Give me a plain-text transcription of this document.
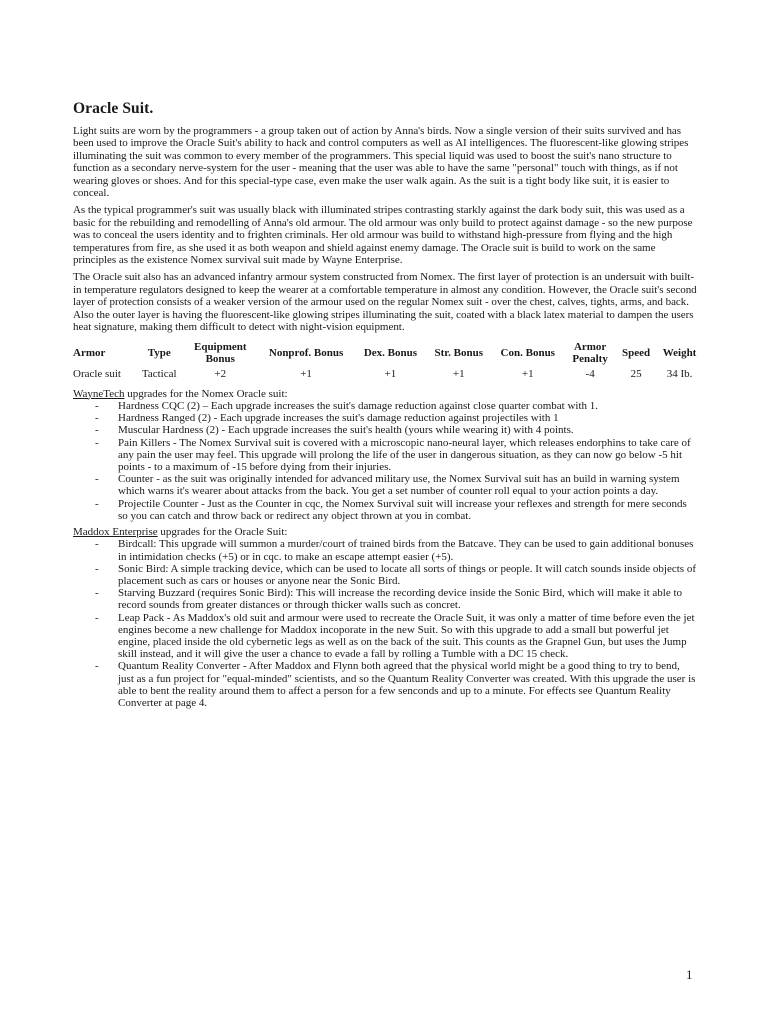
Oracle Suit.

Light suits are worn by the programmers - a group taken out of action by Anna's birds. Now a single version of their suits survived and has been used to improve the Oracle Suit's ability to hack and control computers as well as AI intelligences. The fluorescent-like glowing stripes illuminating the suit was common to every member of the programmers. This special liquid was used to boost the suit's nano structure to function as a secondary nerve-system for the user - meaning that the user was able to have the same "personal" touch with things, as if not wearing gloves or shoes. And for this special-type case, even make the user walk again. As the suit is a tight body like suit, it is easier to conceal.

As the typical programmer's suit was usually black with illuminated stripes contrasting starkly against the dark body suit, this was used as a basic for the rebuilding and remodelling of Anna's old armour. The old armour was only build to protect against damage - so the new purpose was to conceal the users identity and to frighten criminals. Her old armour was build to withstand high-pressure from flying and the high temperatures from fire, as she used it as both weapon and shield against enemy damage. The Oracle suit is build to work on the same principles as the existence Nomex survival suit made by Wayne Enterprise.

The Oracle suit also has an advanced infantry armour system constructed from Nomex. The first layer of protection is an undersuit with built-in temperature regulators designed to keep the wearer at a comfortable temperature in almost any condition. However, the Oracle suit's second layer of protection consists of a weaker version of the armour used on the regular Nomex suit - over the chest, calves, tights, arms, and back. Also the outer layer is having the fluorescent-like glowing stripes illuminating the suit, coated with a black latex material to dampen the users heat signature, making them difficult to detect with night-vision equipment.

Armor	Type	Equipment Bonus	Nonprof. Bonus	Dex. Bonus	Str. Bonus	Con. Bonus	Armor Penalty	Speed	Weight
Oracle suit	Tactical	+2	+1	+1	+1	+1	-4	25	34 Ib.
WayneTech upgrades for the Nomex Oracle suit:
- Hardness CQC (2) – Each upgrade increases the suit's damage reduction against close quarter combat with 1.
- Hardness Ranged (2) - Each upgrade increases the suit's damage reduction against projectiles with 1
- Muscular Hardness (2) - Each upgrade increases the suit's health (yours while wearing it) with 4 points.
- Pain Killers - The Nomex Survival suit is covered with a microscopic nano-neural layer, which releases endorphins to take care of any pain the user may feel. This upgrade will prolong the life of the user in dangerous situation, as they can now go below -5 hit points - to a maximum of -15 before dying from their injuries.
- Counter - as the suit was originally intended for advanced military use, the Nomex Survival suit has an build in warning system which warns it's wearer about attacks from the back. You get a set number of counter roll equal to your action points a day.
- Projectile Counter - Just as the Counter in cqc, the Nomex Survival suit will increase your reflexes and strength for mere seconds so you can catch and throw back or redirect any object thrown at you in combat.
Maddox Enterprise upgrades for the Oracle Suit:
- Birdcall: This upgrade will summon a murder/court of trained birds from the Batcave. They can be used to gain additional bonuses in intimidation checks (+5) or in cqc. to make an escape attempt easier (+5).
- Sonic Bird: A simple tracking device, which can be used to locate all sorts of things or people. It will catch sounds inside objects of placement such as cars or houses or anyone near the Sonic Bird.
- Starving Buzzard (requires Sonic Bird): This will increase the recording device inside the Sonic Bird, which will make it able to record sounds from greater distances or through thicker walls such as concret.
- Leap Pack - As Maddox's old suit and armour were used to recreate the Oracle Suit, it was only a matter of time before even the jet engines become a new challenge for Maddox incoporate in the new Suit. So with this upgrade to add a small but powerful jet engine, placed inside the old cybernetic legs as well as on the back of the suit. This counts as the Grapnel Gun, but uses the Jump skill instead, and it will give the user a chance to evade a fall by rolling a Tumble with a DC 15 check.
- Quantum Reality Converter - After Maddox and Flynn both agreed that the physical world might be a good thing to try to bend, just as a fun project for "equal-minded" scientists, and so the Quantum Reality Converter was created. With this upgrade the user is able to bent the reality around them to affect a person for a few senconds and up to a minute. For effects see Quantum Reality Converter at page 4.
1
